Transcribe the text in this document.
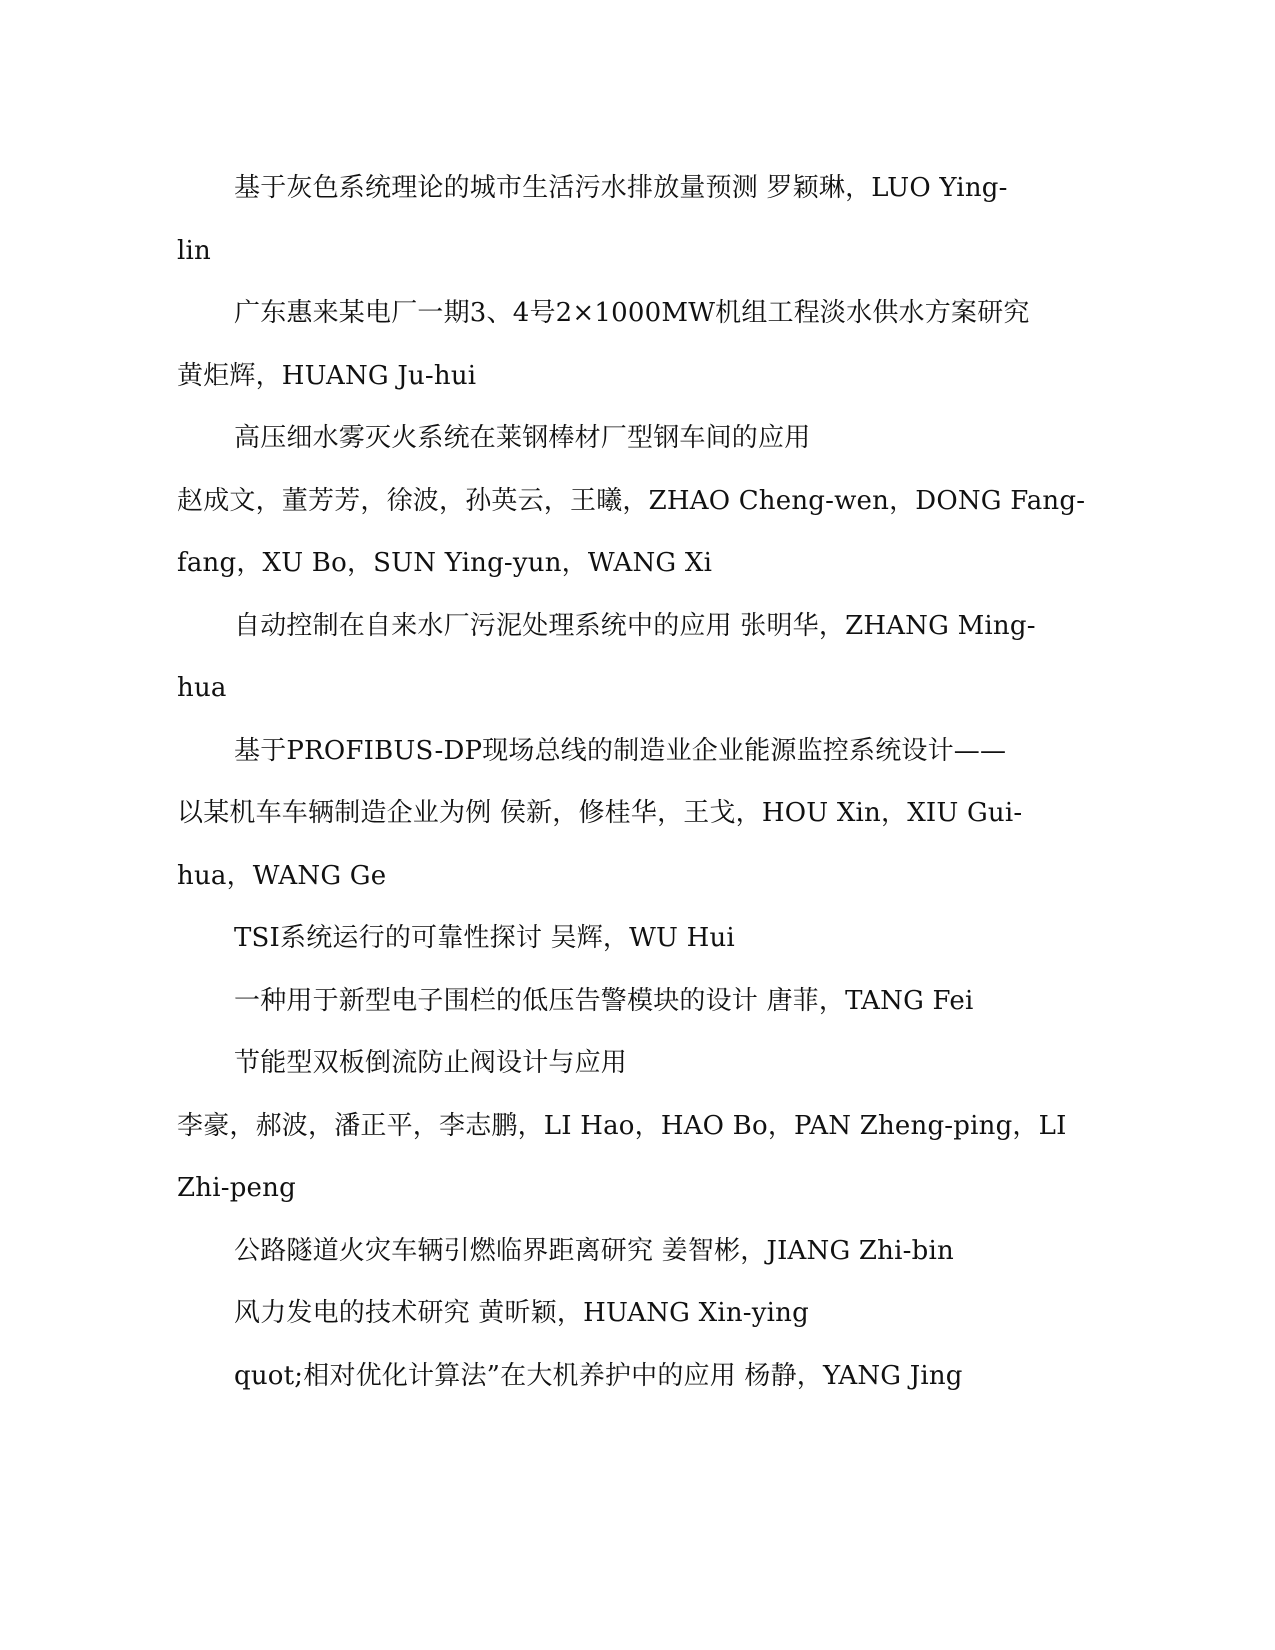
基于灰色系统理论的城市生活污水排放量预测 罗颖琳，LUO Ying-
lin

广东惠来某电厂一期3、4号2×1000MW机组工程淡水供水方案研究
黄炬辉，HUANG Ju-hui

高压细水雾灭火系统在莱钢棒材厂型钢车间的应用
赵成文，董芳芳，徐波，孙英云，王曦，ZHAO Cheng-wen，DONG Fang-
fang，XU Bo，SUN Ying-yun，WANG Xi

自动控制在自来水厂污泥处理系统中的应用 张明华，ZHANG Ming-
hua

基于PROFIBUS-DP现场总线的制造业企业能源监控系统设计——
以某机车车辆制造企业为例 侯新，修桂华，王戈，HOU Xin，XIU Gui-
hua，WANG Ge

TSI系统运行的可靠性探讨 吴辉，WU Hui

一种用于新型电子围栏的低压告警模块的设计 唐菲，TANG Fei

节能型双板倒流防止阀设计与应用
李豪，郝波，潘正平，李志鹏，LI Hao，HAO Bo，PAN Zheng-ping，LI
Zhi-peng

公路隧道火灾车辆引燃临界距离研究 姜智彬，JIANG Zhi-bin

风力发电的技术研究 黄昕颖，HUANG Xin-ying

quot;相对优化计算法”在大机养护中的应用 杨静，YANG Jing
